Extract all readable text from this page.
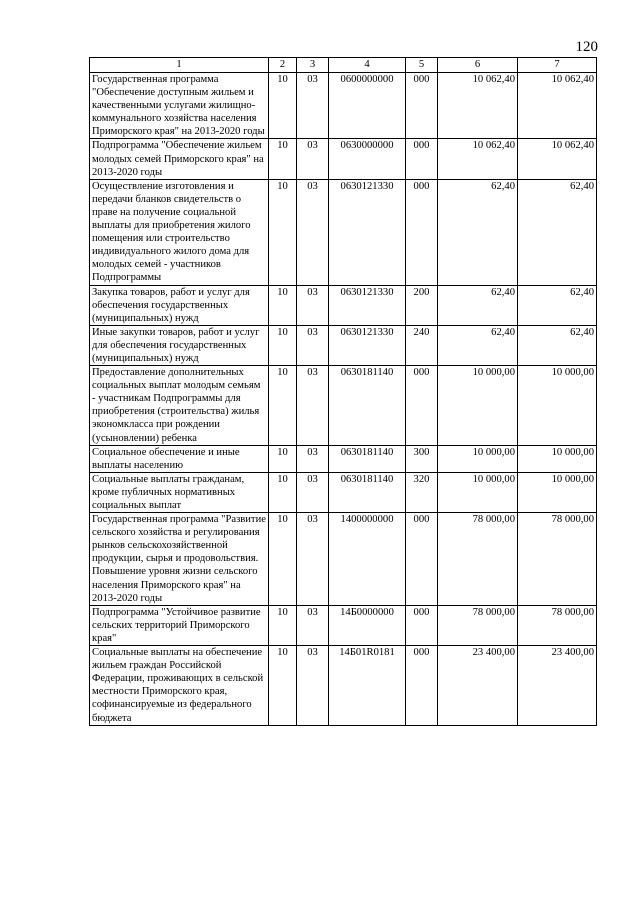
120
1	2	3	4	5	6	7
Государственная программа "Обеспечение доступным жильем и качественными услугами жилищно-коммунального хозяйства населения Приморского края" на 2013-2020 годы	10	03	0600000000	000	10 062,40	10 062,40
Подпрограмма "Обеспечение жильем молодых семей Приморского края" на 2013-2020 годы	10	03	0630000000	000	10 062,40	10 062,40
Осуществление изготовления и передачи бланков свидетельств о праве на получение социальной выплаты для приобретения жилого помещения или строительство индивидуального жилого дома для молодых семей - участников Подпрограммы	10	03	0630121330	000	62,40	62,40
Закупка товаров, работ и услуг для обеспечения государственных (муниципальных) нужд	10	03	0630121330	200	62,40	62,40
Иные закупки товаров, работ и услуг для обеспечения государственных (муниципальных) нужд	10	03	0630121330	240	62,40	62,40
Предоставление дополнительных социальных выплат молодым семьям - участникам Подпрограммы для приобретения (строительства) жилья экономкласса при рождении (усыновлении) ребенка	10	03	0630181140	000	10 000,00	10 000,00
Социальное обеспечение и иные выплаты населению	10	03	0630181140	300	10 000,00	10 000,00
Социальные выплаты гражданам, кроме публичных нормативных социальных выплат	10	03	0630181140	320	10 000,00	10 000,00
Государственная программа "Развитие сельского хозяйства и регулирования рынков сельскохозяйственной продукции, сырья и продовольствия. Повышение уровня жизни сельского населения Приморского края" на 2013-2020 годы	10	03	1400000000	000	78 000,00	78 000,00
Подпрограмма "Устойчивое развитие сельских территорий Приморского края"	10	03	14Б0000000	000	78 000,00	78 000,00
Социальные выплаты на обеспечение жильем граждан Российской Федерации, проживающих в сельской местности Приморского края, софинансируемые из федерального бюджета	10	03	14Б01R0181	000	23 400,00	23 400,00
